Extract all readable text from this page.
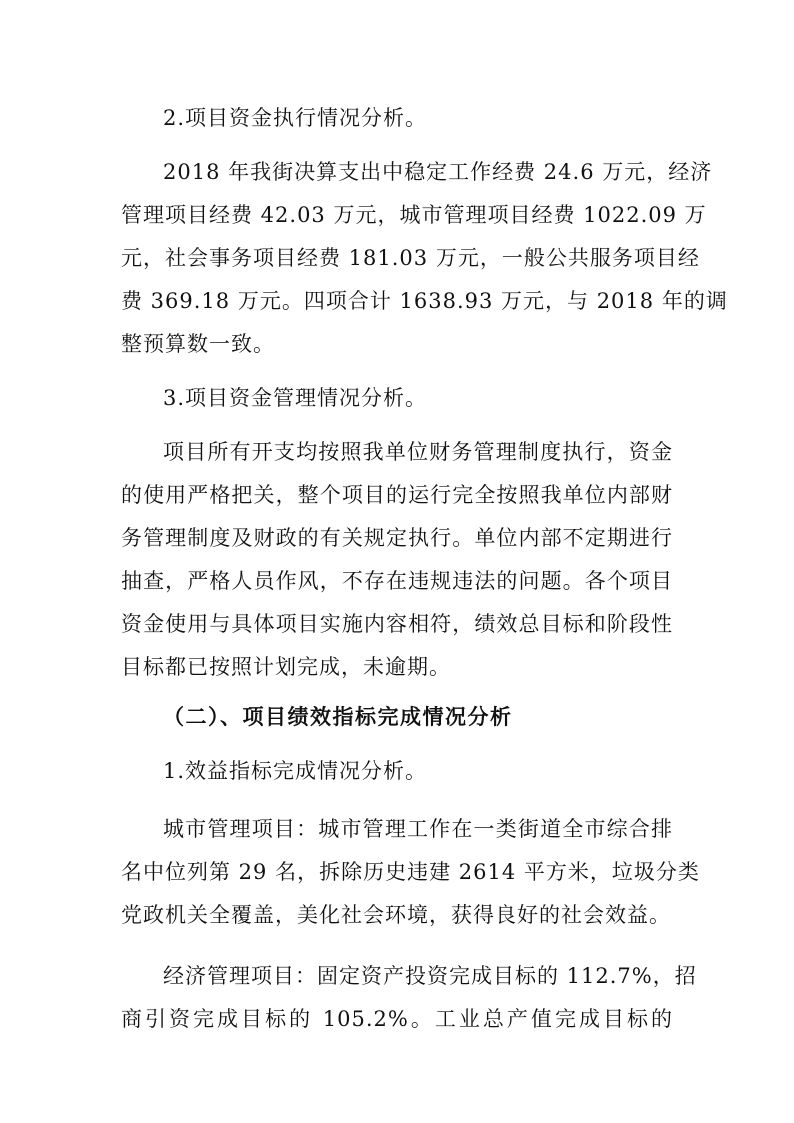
2.项目资金执行情况分析。
2018 年我街决算支出中稳定工作经费 24.6 万元，经济
管理项目经费 42.03 万元，城市管理项目经费 1022.09 万
元，社会事务项目经费 181.03 万元，一般公共服务项目经
费 369.18 万元。四项合计 1638.93 万元，与 2018 年的调
整预算数一致。
3.项目资金管理情况分析。
项目所有开支均按照我单位财务管理制度执行，资金
的使用严格把关，整个项目的运行完全按照我单位内部财
务管理制度及财政的有关规定执行。单位内部不定期进行
抽查，严格人员作风，不存在违规违法的问题。各个项目
资金使用与具体项目实施内容相符，绩效总目标和阶段性
目标都已按照计划完成，未逾期。
（二）、项目绩效指标完成情况分析
1.效益指标完成情况分析。
城市管理项目：城市管理工作在一类街道全市综合排
名中位列第 29 名，拆除历史违建 2614 平方米，垃圾分类
党政机关全覆盖，美化社会环境，获得良好的社会效益。
经济管理项目：固定资产投资完成目标的 112.7%，招
商引资完成目标的 105.2%。工业总产值完成目标的
